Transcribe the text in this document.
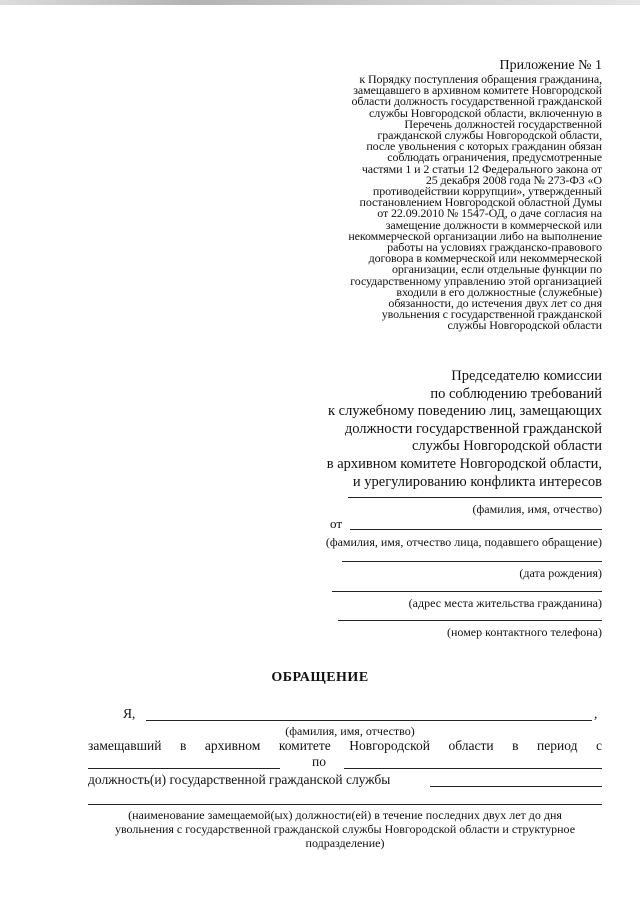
Приложение № 1
к Порядку поступления обращения гражданина,
замещавшего в архивном комитете Новгородской
области должность государственной гражданской
службы Новгородской области, включенную в
Перечень должностей государственной
гражданской службы Новгородской области,
после увольнения с которых гражданин обязан
соблюдать ограничения, предусмотренные
частями 1 и 2 статьи 12 Федерального закона от
25 декабря 2008 года № 273-ФЗ «О
противодействии коррупции», утвержденный
постановлением Новгородской областной Думы
от 22.09.2010 № 1547-ОД, о даче согласия на
замещение должности в коммерческой или
некоммерческой организации либо на выполнение
работы на условиях гражданско-правового
договора в коммерческой или некоммерческой
организации, если отдельные функции по
государственному управлению этой организацией
входили в его должностные (служебные)
обязанности, до истечения двух лет со дня
увольнения с государственной гражданской
службы Новгородской области
Председателю комиссии
по соблюдению требований
к служебному поведению лиц, замещающих
должности государственной гражданской
службы Новгородской области
в архивном комитете Новгородской области,
и урегулированию конфликта интересов
(фамилия, имя, отчество)
от
(фамилия, имя, отчество лица, подавшего обращение)
(дата рождения)
(адрес места жительства гражданина)
(номер контактного телефона)
ОБРАЩЕНИЕ
Я,	,
(фамилия, имя, отчество)
замещавший в архивном комитете Новгородской области в период с
по
должность(и) государственной гражданской службы
(наименование замещаемой(ых) должности(ей) в течение последних двух лет до дня
увольнения с государственной гражданской службы Новгородской области и структурное
подразделение)
